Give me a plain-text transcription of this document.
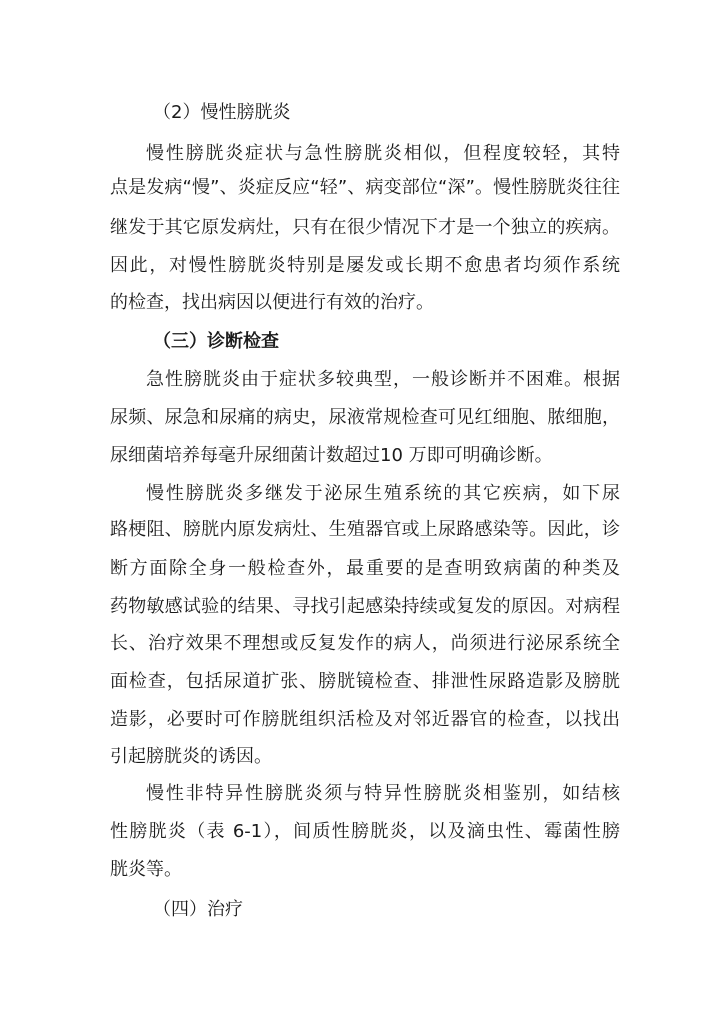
（2）慢性膀胱炎
慢性膀胱炎症状与急性膀胱炎相似，但程度较轻，其特
点是发病“慢”、炎症反应“轻”、病变部位“深”。慢性膀胱炎往往
继发于其它原发病灶，只有在很少情况下才是一个独立的疾病。
因此，对慢性膀胱炎特别是屡发或长期不愈患者均须作系统
的检查，找出病因以便进行有效的治疗。
（三）诊断检查
急性膀胱炎由于症状多较典型，一般诊断并不困难。根据
尿频、尿急和尿痛的病史，尿液常规检查可见红细胞、脓细胞，
尿细菌培养每毫升尿细菌计数超过10 万即可明确诊断。
慢性膀胱炎多继发于泌尿生殖系统的其它疾病，如下尿
路梗阻、膀胱内原发病灶、生殖器官或上尿路感染等。因此，诊
断方面除全身一般检查外，最重要的是查明致病菌的种类及
药物敏感试验的结果、寻找引起感染持续或复发的原因。对病程
长、治疗效果不理想或反复发作的病人，尚须进行泌尿系统全
面检查，包括尿道扩张、膀胱镜检查、排泄性尿路造影及膀胱
造影，必要时可作膀胱组织活检及对邻近器官的检查，以找出
引起膀胱炎的诱因。
慢性非特异性膀胱炎须与特异性膀胱炎相鉴别，如结核
性膀胱炎（表 6-1），间质性膀胱炎，以及滴虫性、霉菌性膀
胱炎等。
（四）治疗
